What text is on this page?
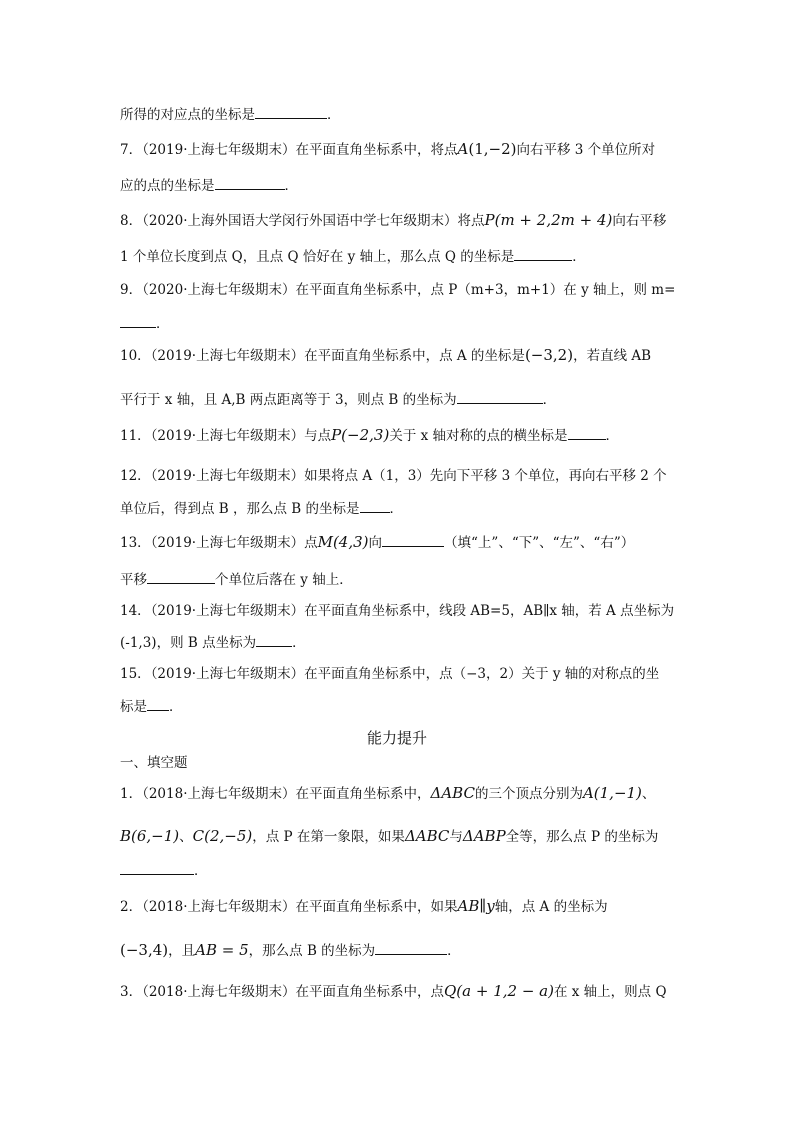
所得的对应点的坐标是	．
7．（2019·上海七年级期末）在平面直角坐标系中，将点A(1,−2)向右平移 3 个单位所对
应的点的坐标是	．
8．（2020·上海外国语大学闵行外国语中学七年级期末）将点P(m + 2,2m + 4)向右平移
1 个单位长度到点 Q，且点 Q 恰好在 y 轴上，那么点 Q 的坐标是	．
9．（2020·上海七年级期末）在平面直角坐标系中，点 P（m+3，m+1）在 y 轴上，则 m=
．
10．（2019·上海七年级期末）在平面直角坐标系中，点 A 的坐标是(−3,2)，若直线 AB
平行于 x 轴，且 A,B 两点距离等于 3，则点 B 的坐标为	．
11．（2019·上海七年级期末）与点P(−2,3)关于 x 轴对称的点的横坐标是	．
12．（2019·上海七年级期末）如果将点 A（1，3）先向下平移 3 个单位，再向右平移 2 个
单位后，得到点 B ，那么点 B 的坐标是 ．
13．（2019·上海七年级期末）点M(4,3)向	（填“上”、“下”、“左”、“右”）
平移	个单位后落在 y 轴上．
14．（2019·上海七年级期末）在平面直角坐标系中，线段 AB=5，AB∥x 轴，若 A 点坐标为
(-1,3)，则 B 点坐标为	．
15．（2019·上海七年级期末）在平面直角坐标系中，点（−3，2）关于 y 轴的对称点的坐
标是 ．
能力提升
一、填空题
1．（2018·上海七年级期末）在平面直角坐标系中，ΔABC的三个顶点分别为A(1,−1)、
B(6,−1)、C(2,−5)，点 P 在第一象限，如果ΔABC与ΔABP全等，那么点 P 的坐标为
．
2．（2018·上海七年级期末）在平面直角坐标系中，如果AB∥y轴，点 A 的坐标为
(−3,4)，且AB = 5，那么点 B 的坐标为	．
3．（2018·上海七年级期末）在平面直角坐标系中，点Q(a + 1,2 − a)在 x 轴上，则点 Q
